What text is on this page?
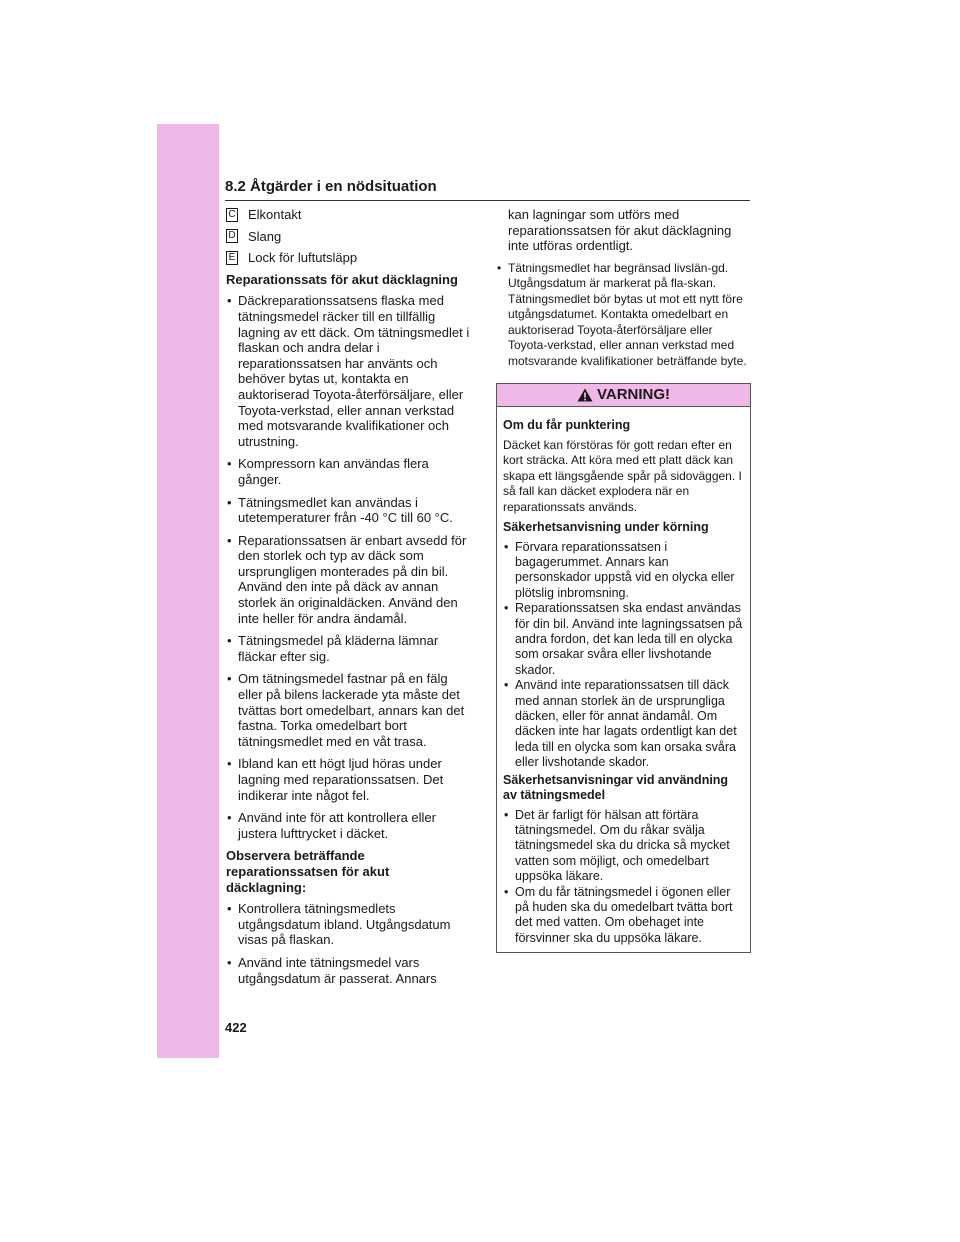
8.2 Åtgärder i en nödsituation
C Elkontakt
D Slang
E Lock för luftutsläpp
Reparationssats för akut däcklagning
• Däckreparationssatsens flaska med tätningsmedel räcker till en tillfällig lagning av ett däck. Om tätningsmedlet i flaskan och andra delar i reparationssatsen har använts och behöver bytas ut, kontakta en auktoriserad Toyota-återförsäljare, eller Toyota-verkstad, eller annan verkstad med motsvarande kvalifikationer och utrustning.
• Kompressorn kan användas flera gånger.
• Tätningsmedlet kan användas i utetemperaturer från -40 °C till 60 °C.
• Reparationssatsen är enbart avsedd för den storlek och typ av däck som ursprungligen monterades på din bil. Använd den inte på däck av annan storlek än originaldäcken. Använd den inte heller för andra ändamål.
• Tätningsmedel på kläderna lämnar fläckar efter sig.
• Om tätningsmedel fastnar på en fälg eller på bilens lackerade yta måste det tvättas bort omedelbart, annars kan det fastna. Torka omedelbart bort tätningsmedlet med en våt trasa.
• Ibland kan ett högt ljud höras under lagning med reparationssatsen. Det indikerar inte något fel.
• Använd inte för att kontrollera eller justera lufttrycket i däcket.
Observera beträffande reparationssatsen för akut däcklagning:
• Kontrollera tätningsmedlets utgångsdatum ibland. Utgångsdatum visas på flaskan.
• Använd inte tätningsmedel vars utgångsdatum är passerat. Annars
kan lagningar som utförs med reparationssatsen för akut däcklagning inte utföras ordentligt.
• Tätningsmedlet har begränsad livslän-gd. Utgångsdatum är markerat på fla-skan. Tätningsmedlet bör bytas ut mot ett nytt före utgångsdatumet. Kontakta omedelbart en auktoriserad Toyota-återförsäljare eller Toyota-verkstad, eller annan verkstad med motsvarande kvalifikationer beträffande byte.
VARNING!
Om du får punktering
Däcket kan förstöras för gott redan efter en kort sträcka. Att köra med ett platt däck kan skapa ett längsgående spår på sidoväggen. I så fall kan däcket explodera när en reparationssats används.
Säkerhetsanvisning under körning
• Förvara reparationssatsen i bagagerummet. Annars kan personskador uppstå vid en olycka eller plötslig inbromsning.
• Reparationssatsen ska endast användas för din bil. Använd inte lagningssatsen på andra fordon, det kan leda till en olycka som orsakar svåra eller livshotande skador.
• Använd inte reparationssatsen till däck med annan storlek än de ursprungliga däcken, eller för annat ändamål. Om däcken inte har lagats ordentligt kan det leda till en olycka som kan orsaka svåra eller livshotande skador.
Säkerhetsanvisningar vid användning av tätningsmedel
• Det är farligt för hälsan att förtära tätningsmedel. Om du råkar svälja tätningsmedel ska du dricka så mycket vatten som möjligt, och omedelbart uppsöka läkare.
• Om du får tätningsmedel i ögonen eller på huden ska du omedelbart tvätta bort det med vatten. Om obehaget inte försvinner ska du uppsöka läkare.
422
